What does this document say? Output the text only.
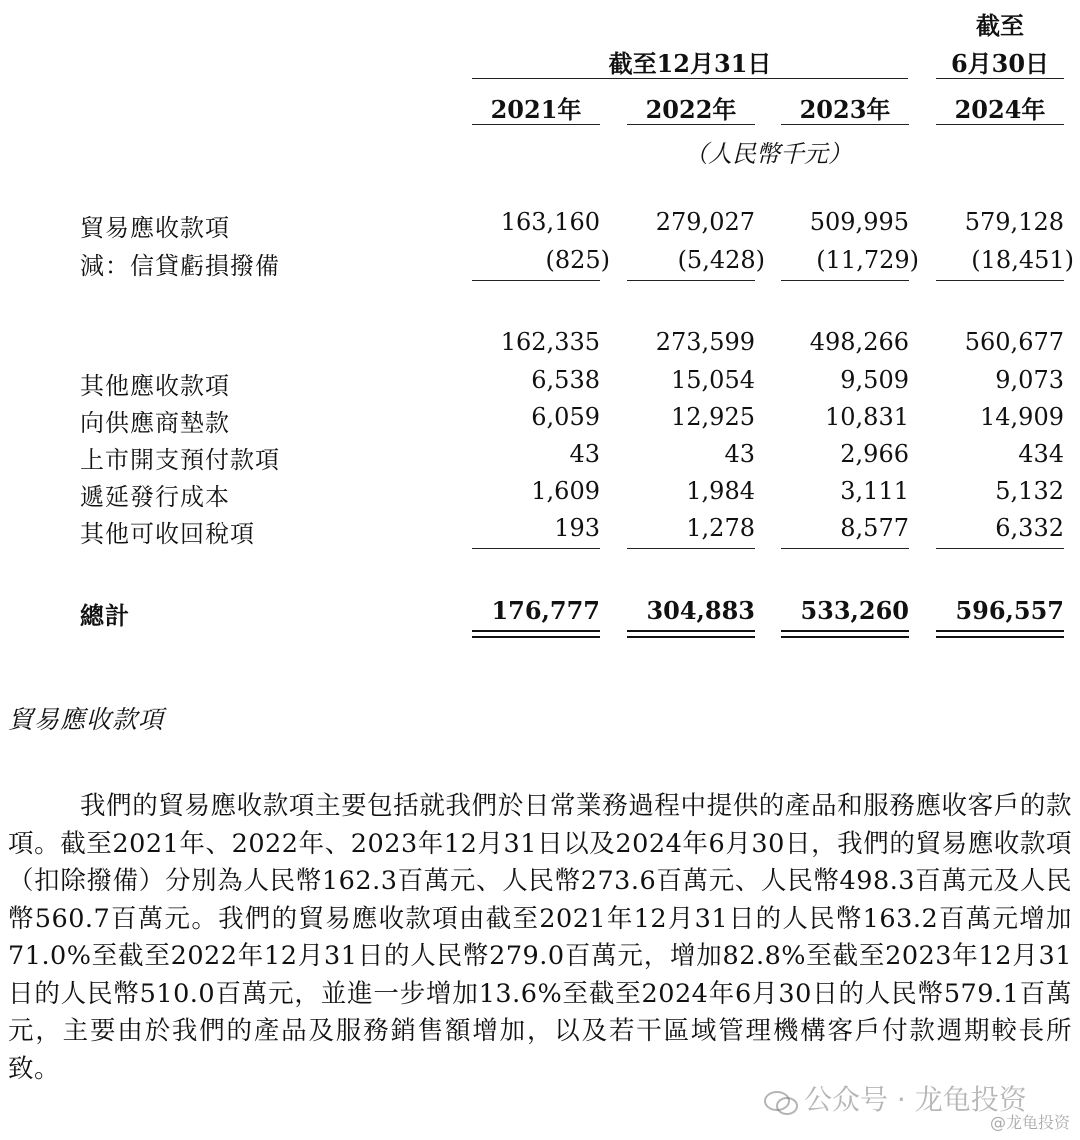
截至12月31日
截至
6月30日
2021年	2022年	2023年	2024年
（人民幣千元）
貿易應收款項	163,160	279,027	509,995	579,128
減：信貸虧損撥備	(825)	(5,428)	(11,729)	(18,451)
162,335	273,599	498,266	560,677
其他應收款項	6,538	15,054	9,509	9,073
向供應商墊款	6,059	12,925	10,831	14,909
上市開支預付款項	43	43	2,966	434
遞延發行成本	1,609	1,984	3,111	5,132
其他可收回稅項	193	1,278	8,577	6,332
總計	176,777	304,883	533,260	596,557
貿易應收款項
我們的貿易應收款項主要包括就我們於日常業務過程中提供的產品和服務應收客戶的款項。截至2021年、2022年、2023年12月31日以及2024年6月30日，我們的貿易應收款項（扣除撥備）分別為人民幣162.3百萬元、人民幣273.6百萬元、人民幣498.3百萬元及人民幣560.7百萬元。我們的貿易應收款項由截至2021年12月31日的人民幣163.2百萬元增加71.0%至截至2022年12月31日的人民幣279.0百萬元，增加82.8%至截至2023年12月31日的人民幣510.0百萬元，並進一步增加13.6%至截至2024年6月30日的人民幣579.1百萬元，主要由於我們的產品及服務銷售額增加，以及若干區域管理機構客戶付款週期較長所致。
公众号 · 龙龟投资
@龙龟投资
